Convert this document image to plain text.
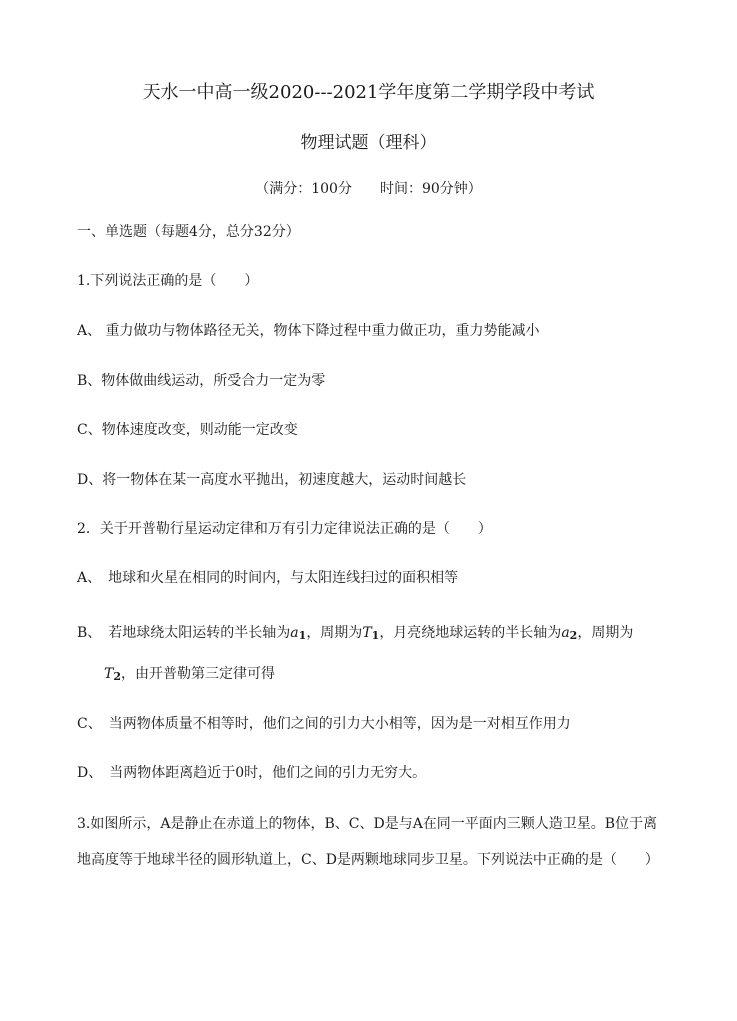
天水一中高一级2020---2021学年度第二学期学段中考试
物理试题（理科）
（满分：100分　　时间：90分钟）
一、单选题（每题4分，总分32分）
1.下列说法正确的是（　　）
A、 重力做功与物体路径无关，物体下降过程中重力做正功，重力势能减小
B、物体做曲线运动，所受合力一定为零
C、物体速度改变，则动能一定改变
D、将一物体在某一高度水平抛出，初速度越大，运动时间越长
2．关于开普勒行星运动定律和万有引力定律说法正确的是（　　）
A、　地球和火星在相同的时间内，与太阳连线扫过的面积相等
B、　若地球绕太阳运转的半长轴为a1，周期为T1，月亮绕地球运转的半长轴为a2，周期为
T2，由开普勒第三定律可得
C、　当两物体质量不相等时，他们之间的引力大小相等，因为是一对相互作用力
D、　当两物体距离趋近于0时，他们之间的引力无穷大。
3.如图所示，A是静止在赤道上的物体，B、C、D是与A在同一平面内三颗人造卫星。B位于离
地高度等于地球半径的圆形轨道上，C、D是两颗地球同步卫星。下列说法中正确的是（　　）
